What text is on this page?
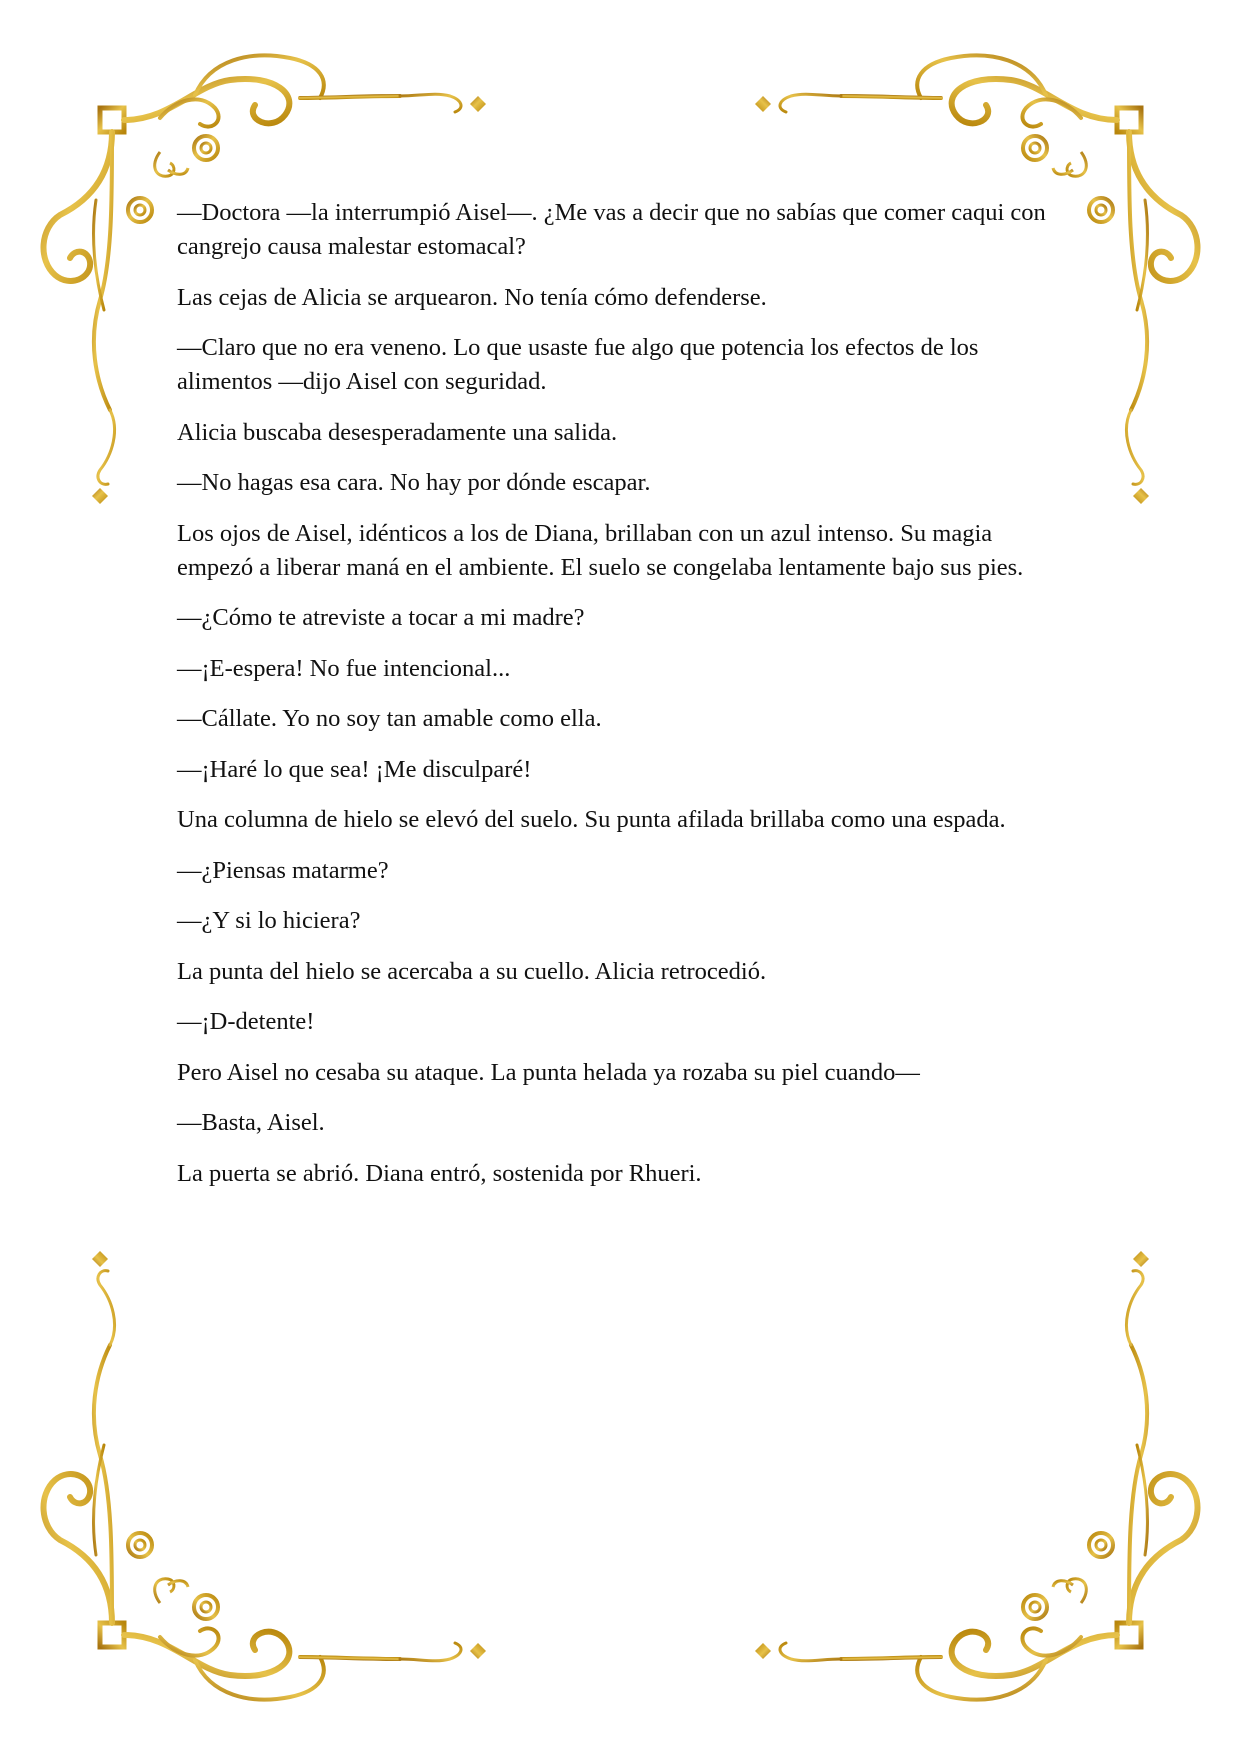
—Doctora —la interrumpió Aisel—. ¿Me vas a decir que no sabías que comer caqui con cangrejo causa malestar estomacal?

Las cejas de Alicia se arquearon. No tenía cómo defenderse.

—Claro que no era veneno. Lo que usaste fue algo que potencia los efectos de los alimentos —dijo Aisel con seguridad.

Alicia buscaba desesperadamente una salida.

—No hagas esa cara. No hay por dónde escapar.

Los ojos de Aisel, idénticos a los de Diana, brillaban con un azul intenso. Su magia empezó a liberar maná en el ambiente. El suelo se congelaba lentamente bajo sus pies.

—¿Cómo te atreviste a tocar a mi madre?

—¡E-espera! No fue intencional...

—Cállate. Yo no soy tan amable como ella.

—¡Haré lo que sea! ¡Me disculparé!

Una columna de hielo se elevó del suelo. Su punta afilada brillaba como una espada.

—¿Piensas matarme?

—¿Y si lo hiciera?

La punta del hielo se acercaba a su cuello. Alicia retrocedió.

—¡D-detente!

Pero Aisel no cesaba su ataque. La punta helada ya rozaba su piel cuando—

—Basta, Aisel.

La puerta se abrió. Diana entró, sostenida por Rhueri.
